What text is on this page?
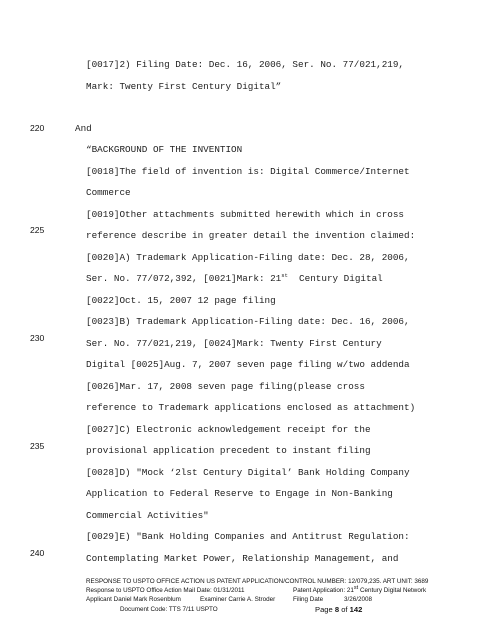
220
225
230
235
240
[0017]2) Filing Date: Dec. 16, 2006, Ser. No. 77/021,219,
Mark: Twenty First Century Digital”
And
“BACKGROUND OF THE INVENTION
[0018]The field of invention is: Digital Commerce/Internet
Commerce
[0019]Other attachments submitted herewith which in cross
reference describe in greater detail the invention claimed:
[0020]A) Trademark Application-Filing date: Dec. 28, 2006,
Ser. No. 77/072,392, [0021]Mark: 21st  Century Digital
[0022]Oct. 15, 2007 12 page filing
[0023]B) Trademark Application-Filing date: Dec. 16, 2006,
Ser. No. 77/021,219, [0024]Mark: Twenty First Century
Digital [0025]Aug. 7, 2007 seven page filing w/two addenda
[0026]Mar. 17, 2008 seven page filing(please cross
reference to Trademark applications enclosed as attachment)
[0027]C) Electronic acknowledgement receipt for the
provisional application precedent to instant filing
[0028]D) "Mock ‘2lst Century Digital’ Bank Holding Company
Application to Federal Reserve to Engage in Non-Banking
Commercial Activities"
[0029]E) "Bank Holding Companies and Antitrust Regulation:
Contemplating Market Power, Relationship Management, and
RESPONSE TO USPTO OFFICE ACTION US PATENT APPLICATION/CONTROL NUMBER: 12/079,235. ART UNIT: 3689
Response to USPTO Office Action Mail Date: 01/31/2011	Patent Application: 21st Century Digital Network
Applicant Daniel Mark Rosenblum	Examiner Carrie A. Stroder	Filing Date	3/26/2008
Document Code: TTS 7/11 USPTO	Page 8 of 142
